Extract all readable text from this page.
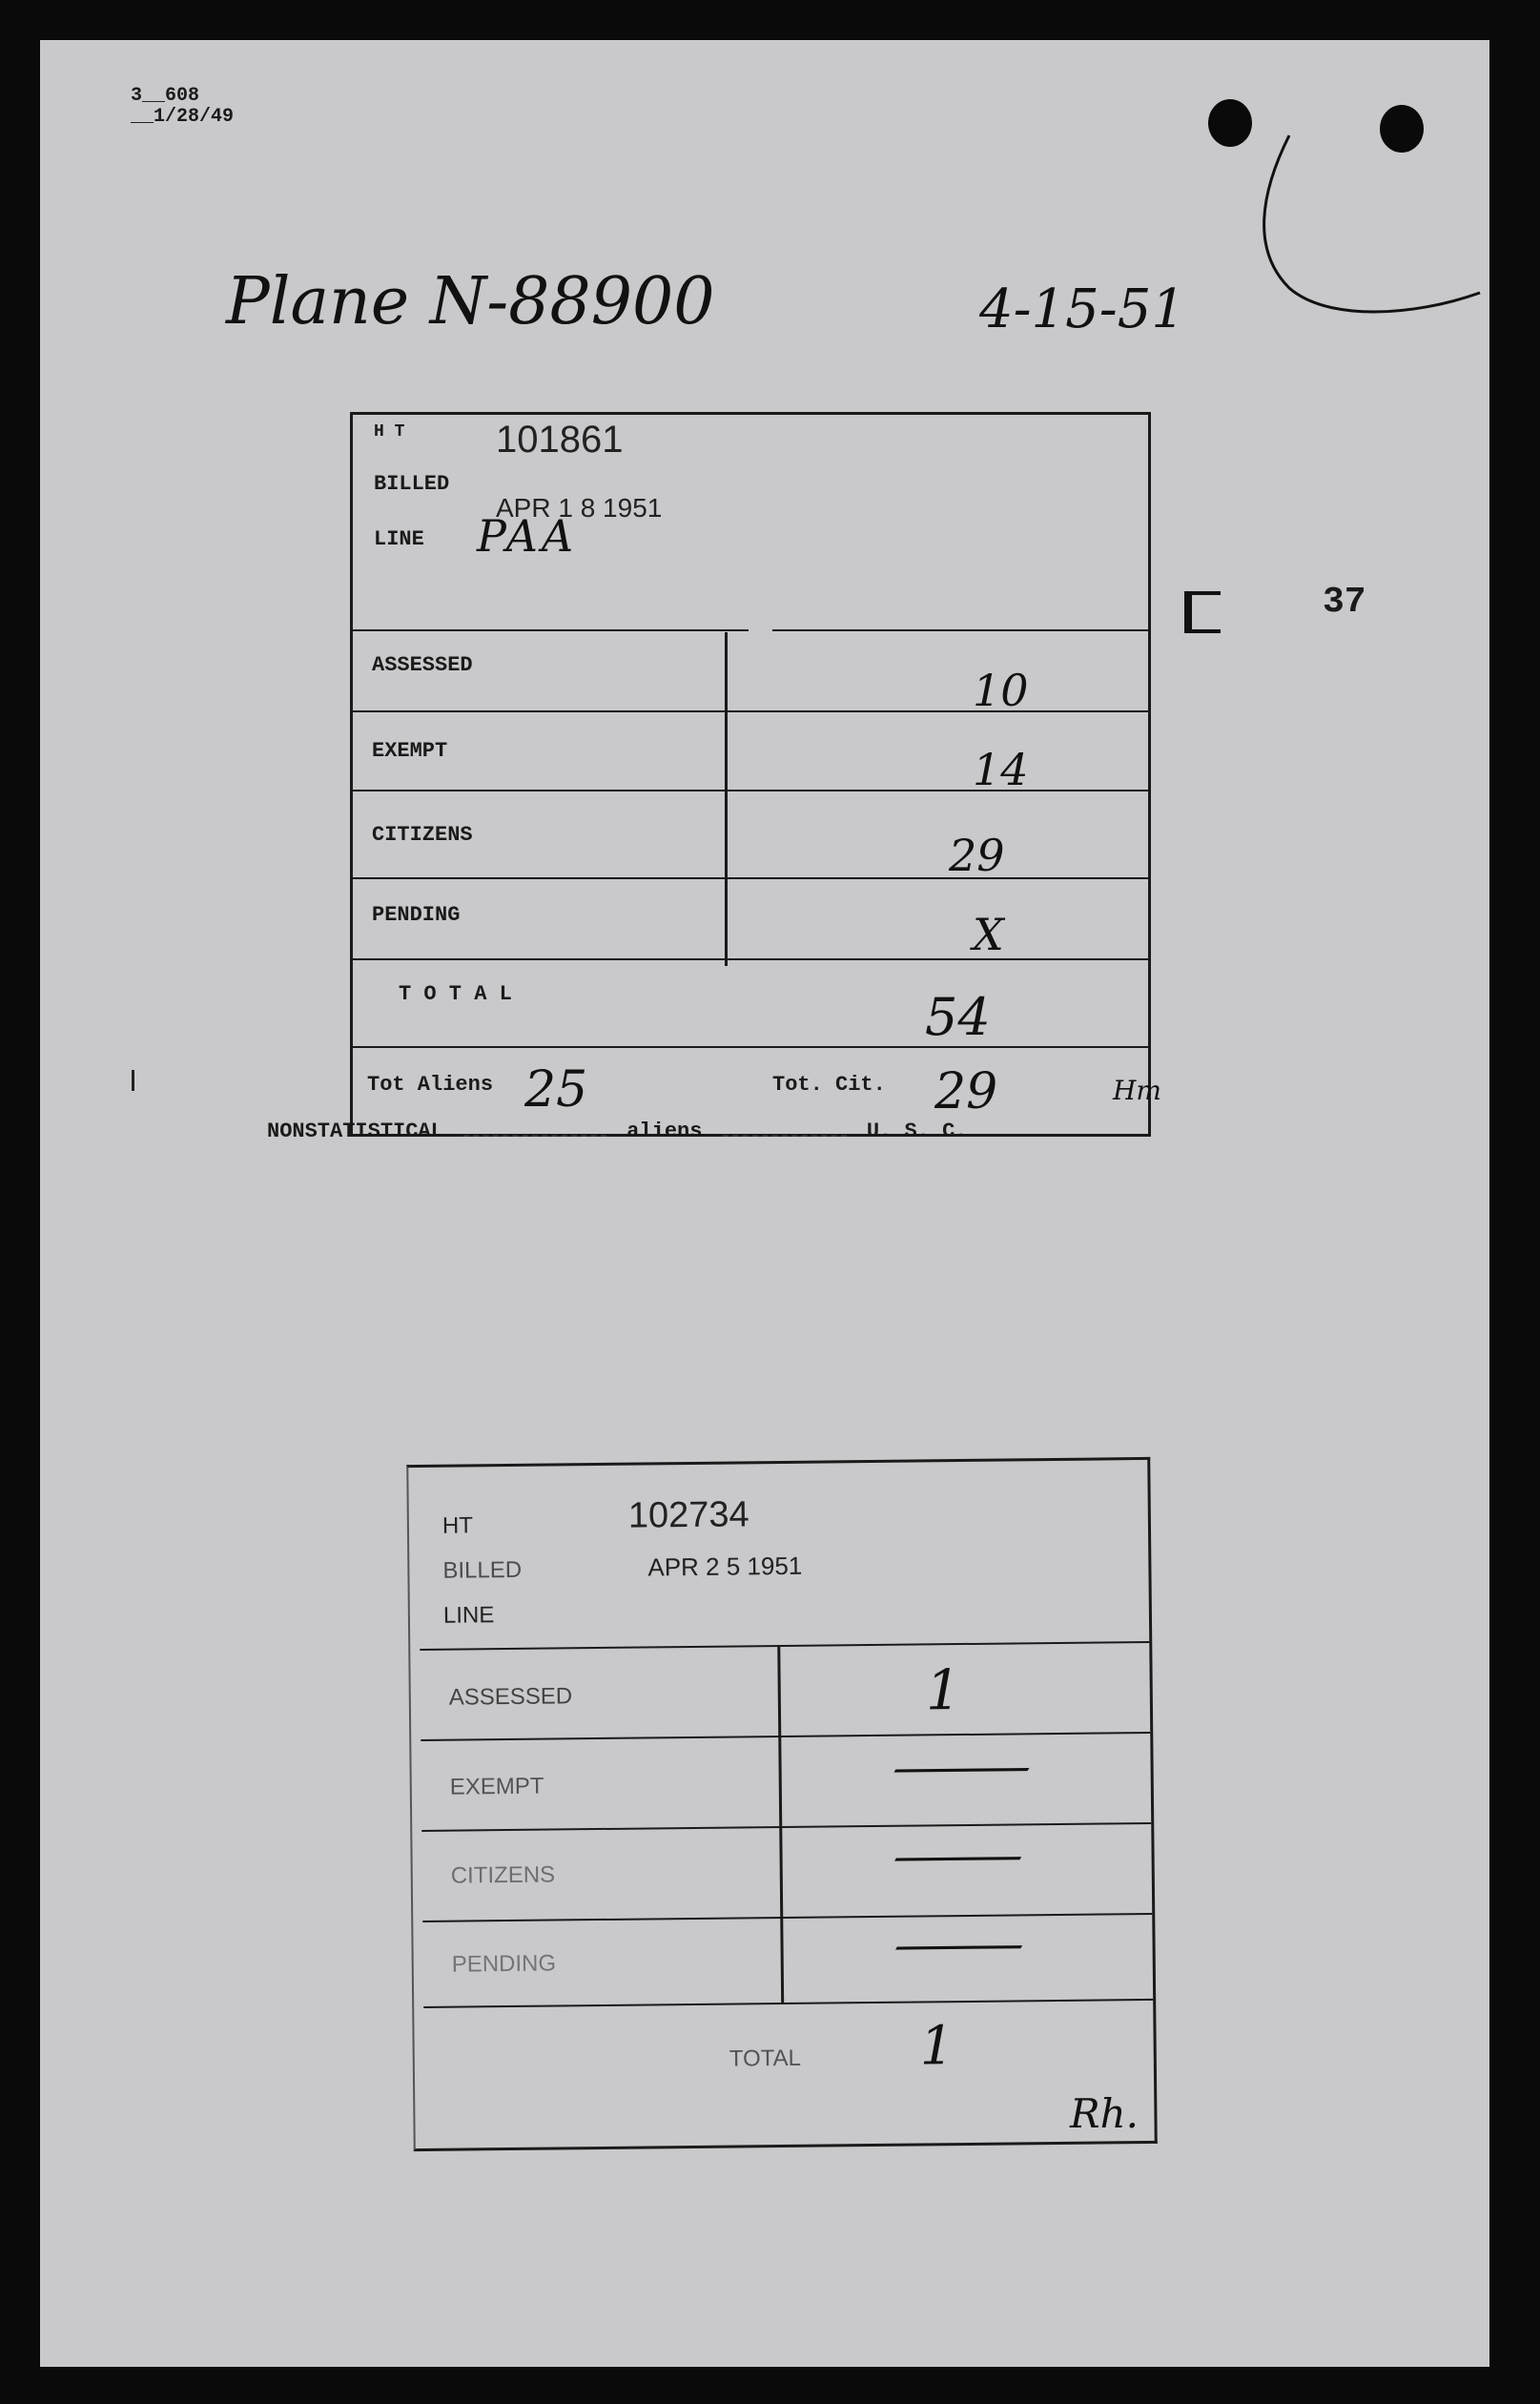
3__608
__1/28/49
Plane N-88900	4-15-51
37
H T 101861
BILLED
APR 1 8 1951
LINE PAA
ASSESSED	10
EXEMPT	14
CITIZENS	29
PENDING	X
T O T A L	54
Tot Aliens 25	Tot. Cit. 29	Hm
NONSTATISTICAL	aliens	U. S. C.
HT	102734
BILLED	APR 2 5 1951
LINE
ASSESSED	1
EXEMPT	—
CITIZENS	—
PENDING	—
TOTAL 1
Rh.
